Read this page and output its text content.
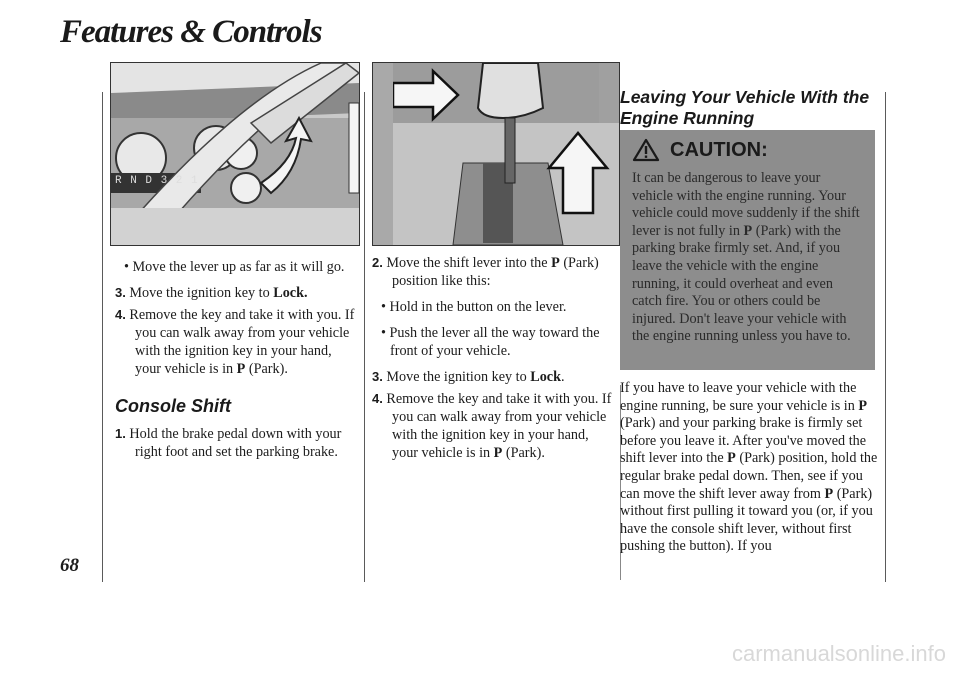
Features & Controls
68
R N D 3 2 1

• Move the lever up as far as it will go.

3. Move the ignition key to Lock.

4. Remove the key and take it with you. If you can walk away from your vehicle with the ignition key in your hand, your vehicle is in P (Park).

Console Shift

1. Hold the brake pedal down with your right foot and set the parking brake.

2. Move the shift lever into the P (Park) position like this:

• Hold in the button on the lever.

• Push the lever all the way toward the front of your vehicle.

3. Move the ignition key to Lock.

4. Remove the key and take it with you. If you can walk away from your vehicle with the ignition key in your hand, your vehicle is in P (Park).

Leaving Your Vehicle With the Engine Running
CAUTION:
It can be dangerous to leave your vehicle with the engine running. Your vehicle could move suddenly if the shift lever is not fully in P (Park) with the parking brake firmly set. And, if you leave the vehicle with the engine running, it could overheat and even catch fire. You or others could be injured. Don't leave your vehicle with the engine running unless you have to.

If you have to leave your vehicle with the engine running, be sure your vehicle is in P (Park) and your parking brake is firmly set before you leave it. After you've moved the shift lever into the P (Park) position, hold the regular brake pedal down. Then, see if you can move the shift lever away from P (Park) without first pulling it toward you (or, if you have the console shift lever, without first pushing the button). If you

carmanualsonline.info
